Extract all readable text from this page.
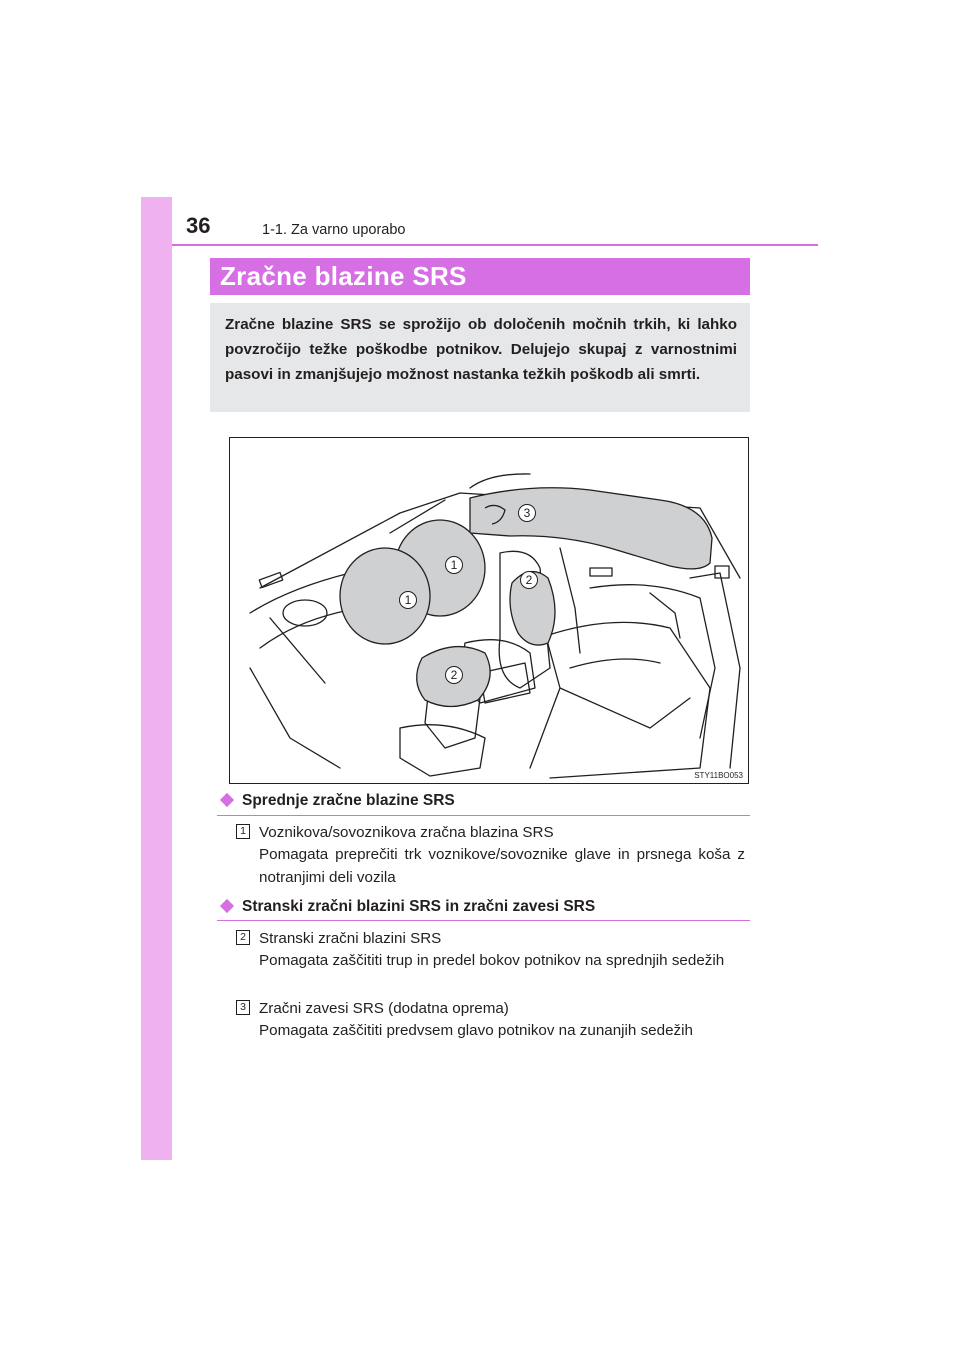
36	1-1. Za varno uporabo
Zračne blazine SRS

Zračne blazine SRS se sprožijo ob določenih močnih trkih, ki lahko povzročijo težke poškodbe potnikov. Delujejo skupaj z varnostnimi pasovi in zmanjšujejo možnost nastanka težkih poškodb ali smrti.

1
1
2
2
3
STY11BO053
Sprednje zračne blazine SRS
1 Voznikova/sovoznikova zračna blazina SRS

Pomagata preprečiti trk voznikove/sovoznike glave in prsnega koša z notranjimi deli vozila

Stranski zračni blazini SRS in zračni zavesi SRS
2 Stranski zračni blazini SRS

Pomagata zaščititi trup in predel bokov potnikov na sprednjih sedežih

3 Zračni zavesi SRS (dodatna oprema)

Pomagata zaščititi predvsem glavo potnikov na zunanjih sedežih
